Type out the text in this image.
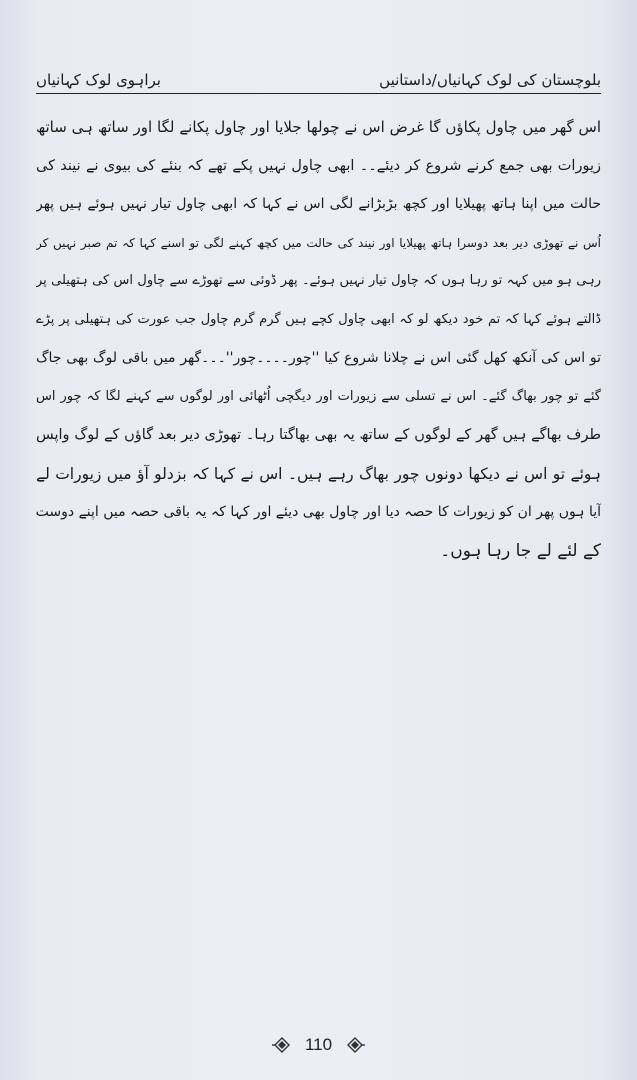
بلوچستان کی لوک کہانیاں/داستانیں
براہوی لوک کہانیاں
اس گھر میں چاول پکاؤں گا غرض اس نے چولھا جلایا اور چاول پکانے لگا اور ساتھ ہی ساتھ
زیورات بھی جمع کرنے شروع کر دیئے۔۔ ابھی چاول نہیں پکے تھے کہ بنئے کی بیوی نے نیند کی
حالت میں اپنا ہاتھ پھیلایا اور کچھ بڑبڑانے لگی اس نے کہا کہ ابھی چاول تیار نہیں ہوئے ہیں پھر
اُس نے تھوڑی دیر بعد دوسرا ہاتھ پھیلایا اور نیند کی حالت میں کچھ کہنے لگی تو اسنے کہا کہ تم صبر نہیں کر
رہی ہو میں کہہ تو رہا ہوں کہ چاول تیار نہیں ہوئے۔ پھر ڈوئی سے تھوڑے سے چاول اس کی ہتھیلی پر
ڈالتے ہوئے کہا کہ تم خود دیکھ لو کہ ابھی چاول کچے ہیں گرم گرم چاول جب عورت کی ہتھیلی پر پڑے
تو اس کی آنکھ کھل گئی اس نے چلانا شروع کیا ''چور۔۔۔۔چور''۔۔۔گھر میں باقی لوگ بھی جاگ
گئے تو چور بھاگ گئے۔ اس نے تسلی سے زیورات اور دیگچی اُٹھائی اور لوگوں سے کہنے لگا کہ چور اس
طرف بھاگے ہیں گھر کے لوگوں کے ساتھ یہ بھی بھاگتا رہا۔ تھوڑی دیر بعد گاؤں کے لوگ واپس
ہوئے تو اس نے دیکھا دونوں چور بھاگ رہے ہیں۔ اس نے کہا کہ بزدلو آؤ میں زیورات لے
آیا ہوں پھر ان کو زیورات کا حصہ دیا اور چاول بھی دیئے اور کہا کہ یہ باقی حصہ میں اپنے دوست
کے لئے لے جا رہا ہوں۔
110
